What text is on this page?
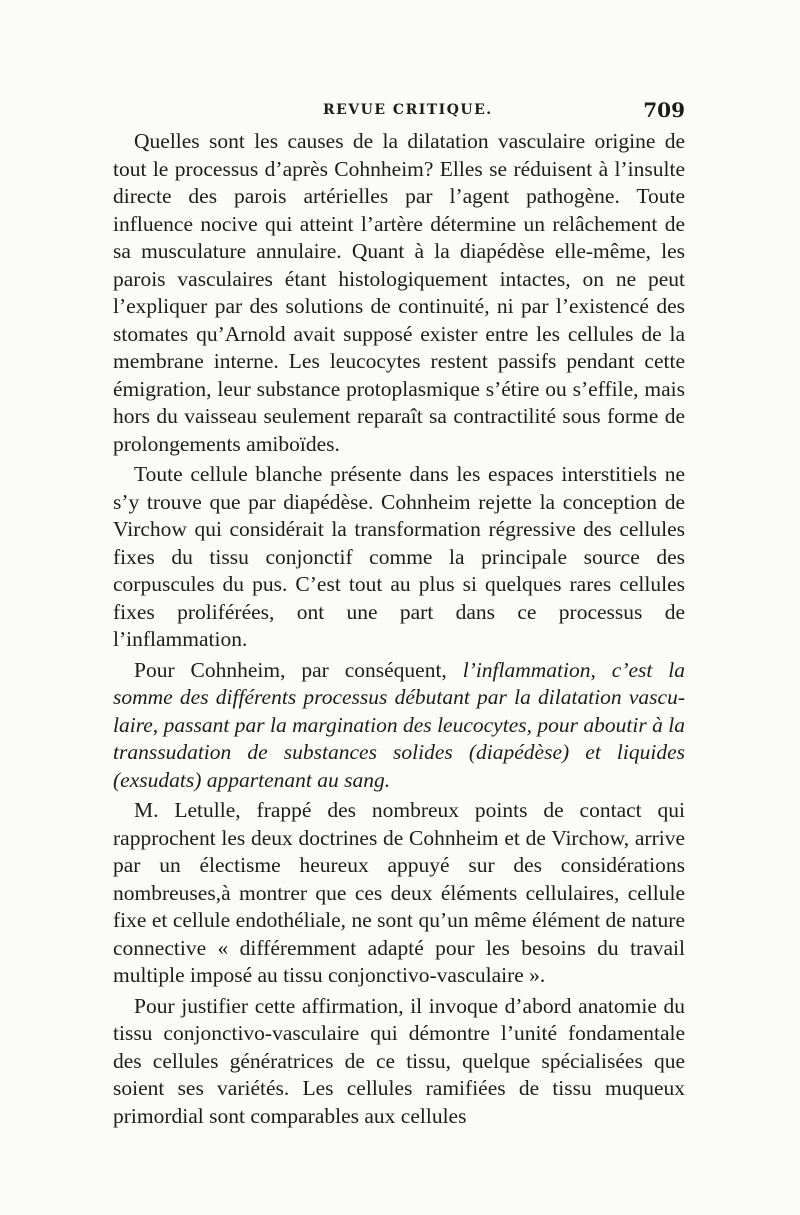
REVUE CRITIQUE.	709

Quelles sont les causes de la dilatation vasculaire origine de tout le processus d’après Cohnheim? Elles se réduisent à l’insulte directe des parois artérielles par l’agent pathogène. Toute influence nocive qui atteint l’artère détermine un relâchement de sa musculature annulaire. Quant à la diapédèse elle-même, les parois vasculaires étant histologiquement intactes, on ne peut l’expliquer par des solutions de continuité, ni par l’existencé des stomates qu’Arnold avait supposé exister entre les cellules de la membrane interne. Les leucocytes restent passifs pendant cette émigration, leur substance protoplasmique s’étire ou s’effile, mais hors du vaisseau seulement reparaît sa contractilité sous forme de prolongements amiboïdes.

Toute cellule blanche présente dans les espaces interstitiels ne s’y trouve que par diapédèse. Cohnheim rejette la conception de Virchow qui considérait la transformation régressive des cellules fixes du tissu conjonctif comme la principale source des corpuscules du pus. C’est tout au plus si quelques rares cellules fixes proliférées, ont une part dans ce processus de l’inflammation.

Pour Cohnheim, par conséquent, l’inflammation, c’est la somme des différents processus débutant par la dilatation vasculaire, passant par la margination des leucocytes, pour aboutir à la transsudation de substances solides (diapédèse) et liquides (exsudats) appartenant au sang.

M. Letulle, frappé des nombreux points de contact qui rapprochent les deux doctrines de Cohnheim et de Virchow, arrive par un électisme heureux appuyé sur des considérations nombreuses,à montrer que ces deux éléments cellulaires, cellule fixe et cellule endothéliale, ne sont qu’un même élément de nature connective « différemment adapté pour les besoins du travail multiple imposé au tissu conjonctivo-vasculaire ».

Pour justifier cette affirmation, il invoque d’abord anatomie du tissu conjonctivo-vasculaire qui démontre l’unité fondamentale des cellules génératrices de ce tissu, quelque spécialisées que soient ses variétés. Les cellules ramifiées de tissu muqueux primordial sont comparables aux cellules
